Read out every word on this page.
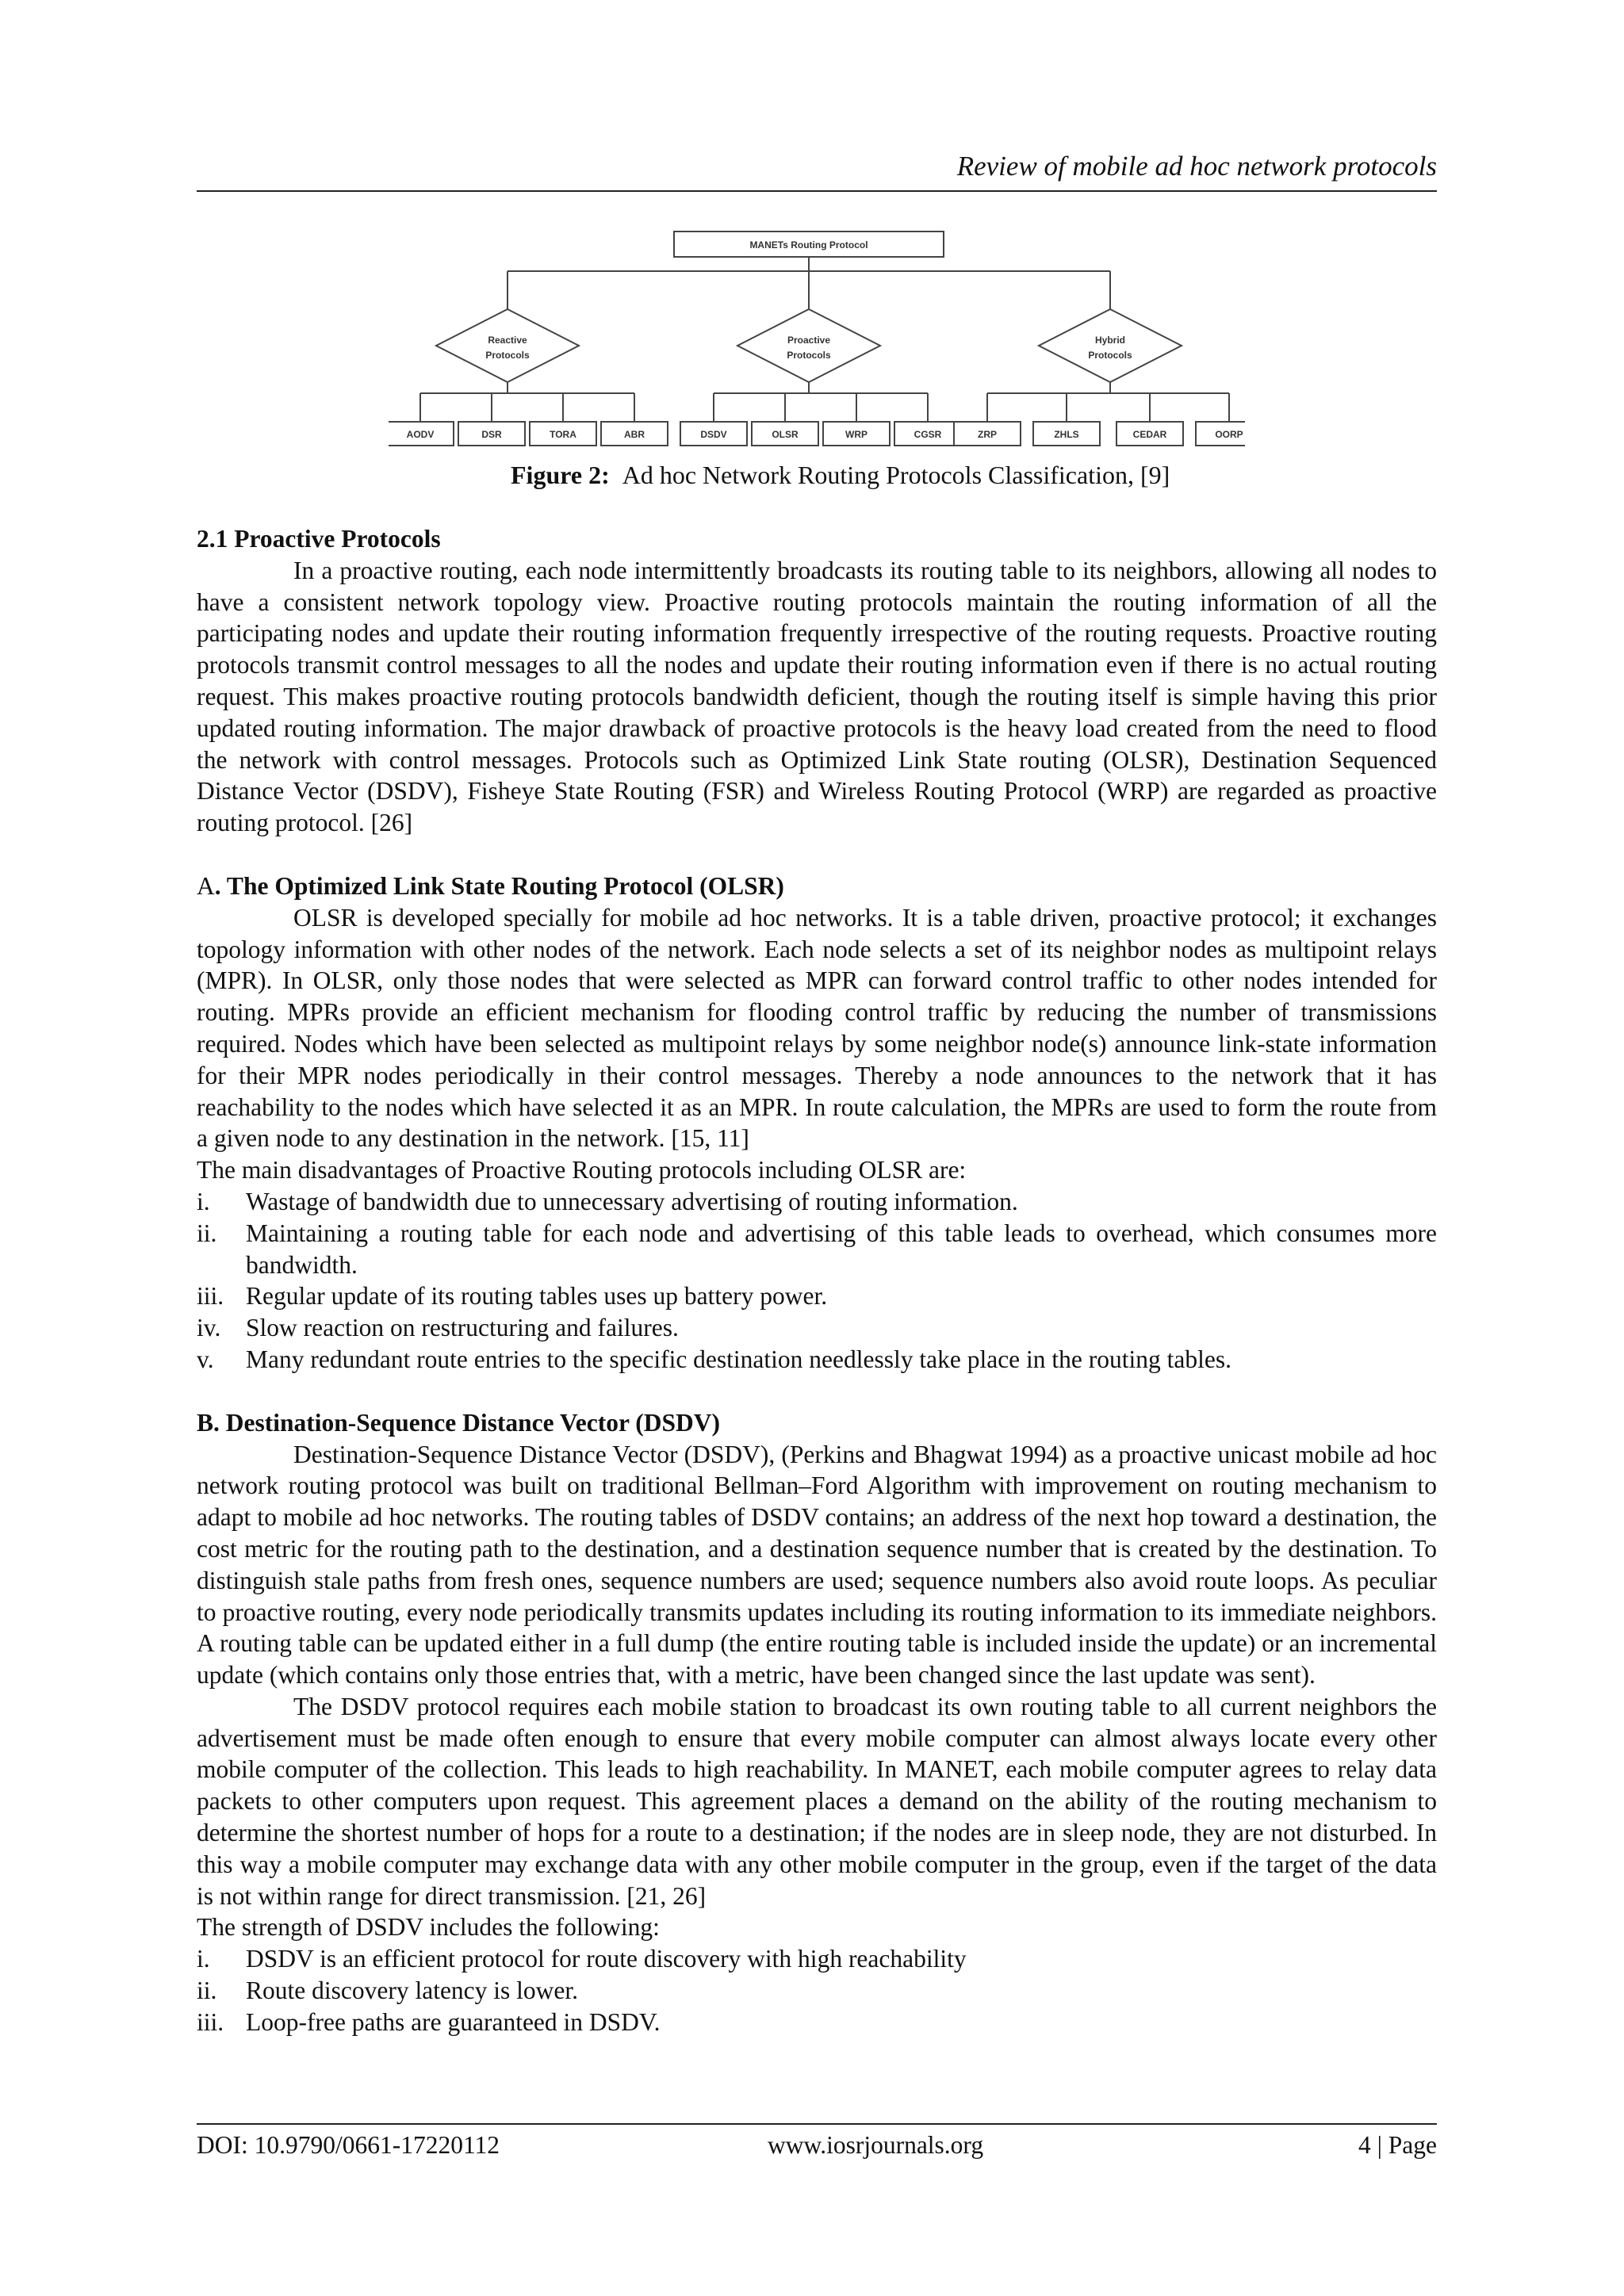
Review of mobile ad hoc network protocols
MANETs Routing Protocol
Reactive
Protocols
Proactive
Protocols
Hybrid
Protocols
AODV	DSR	TORA	ABR	DSDV	OLSR	WRP	CGSR	ZRP	ZHLS	CEDAR	OORP
Figure 2: Ad hoc Network Routing Protocols Classification, [9]

2.1 Proactive Protocols

In a proactive routing, each node intermittently broadcasts its routing table to its neighbors, allowing all nodes to have a consistent network topology view. Proactive routing protocols maintain the routing information of all the participating nodes and update their routing information frequently irrespective of the routing requests. Proactive routing protocols transmit control messages to all the nodes and update their routing information even if there is no actual routing request. This makes proactive routing protocols bandwidth deficient, though the routing itself is simple having this prior updated routing information. The major drawback of proactive protocols is the heavy load created from the need to flood the network with control messages. Protocols such as Optimized Link State routing (OLSR), Destination Sequenced Distance Vector (DSDV), Fisheye State Routing (FSR) and Wireless Routing Protocol (WRP) are regarded as proactive routing protocol. [26]

A. The Optimized Link State Routing Protocol (OLSR)

OLSR is developed specially for mobile ad hoc networks. It is a table driven, proactive protocol; it exchanges topology information with other nodes of the network. Each node selects a set of its neighbor nodes as multipoint relays (MPR). In OLSR, only those nodes that were selected as MPR can forward control traffic to other nodes intended for routing. MPRs provide an efficient mechanism for flooding control traffic by reducing the number of transmissions required. Nodes which have been selected as multipoint relays by some neighbor node(s) announce link-state information for their MPR nodes periodically in their control messages. Thereby a node announces to the network that it has reachability to the nodes which have selected it as an MPR. In route calculation, the MPRs are used to form the route from a given node to any destination in the network. [15, 11]

The main disadvantages of Proactive Routing protocols including OLSR are:

i. Wastage of bandwidth due to unnecessary advertising of routing information.
ii. Maintaining a routing table for each node and advertising of this table leads to overhead, which consumes more bandwidth.
iii. Regular update of its routing tables uses up battery power.
iv. Slow reaction on restructuring and failures.
v. Many redundant route entries to the specific destination needlessly take place in the routing tables.

B. Destination-Sequence Distance Vector (DSDV)

Destination-Sequence Distance Vector (DSDV), (Perkins and Bhagwat 1994) as a proactive unicast mobile ad hoc network routing protocol was built on traditional Bellman–Ford Algorithm with improvement on routing mechanism to adapt to mobile ad hoc networks. The routing tables of DSDV contains; an address of the next hop toward a destination, the cost metric for the routing path to the destination, and a destination sequence number that is created by the destination. To distinguish stale paths from fresh ones, sequence numbers are used; sequence numbers also avoid route loops. As peculiar to proactive routing, every node periodically transmits updates including its routing information to its immediate neighbors. A routing table can be updated either in a full dump (the entire routing table is included inside the update) or an incremental update (which contains only those entries that, with a metric, have been changed since the last update was sent).

The DSDV protocol requires each mobile station to broadcast its own routing table to all current neighbors the advertisement must be made often enough to ensure that every mobile computer can almost always locate every other mobile computer of the collection. This leads to high reachability. In MANET, each mobile computer agrees to relay data packets to other computers upon request. This agreement places a demand on the ability of the routing mechanism to determine the shortest number of hops for a route to a destination; if the nodes are in sleep node, they are not disturbed. In this way a mobile computer may exchange data with any other mobile computer in the group, even if the target of the data is not within range for direct transmission. [21, 26]

The strength of DSDV includes the following:

i. DSDV is an efficient protocol for route discovery with high reachability
ii. Route discovery latency is lower.
iii. Loop-free paths are guaranteed in DSDV.
DOI: 10.9790/0661-17220112	www.iosrjournals.org	4 | Page
